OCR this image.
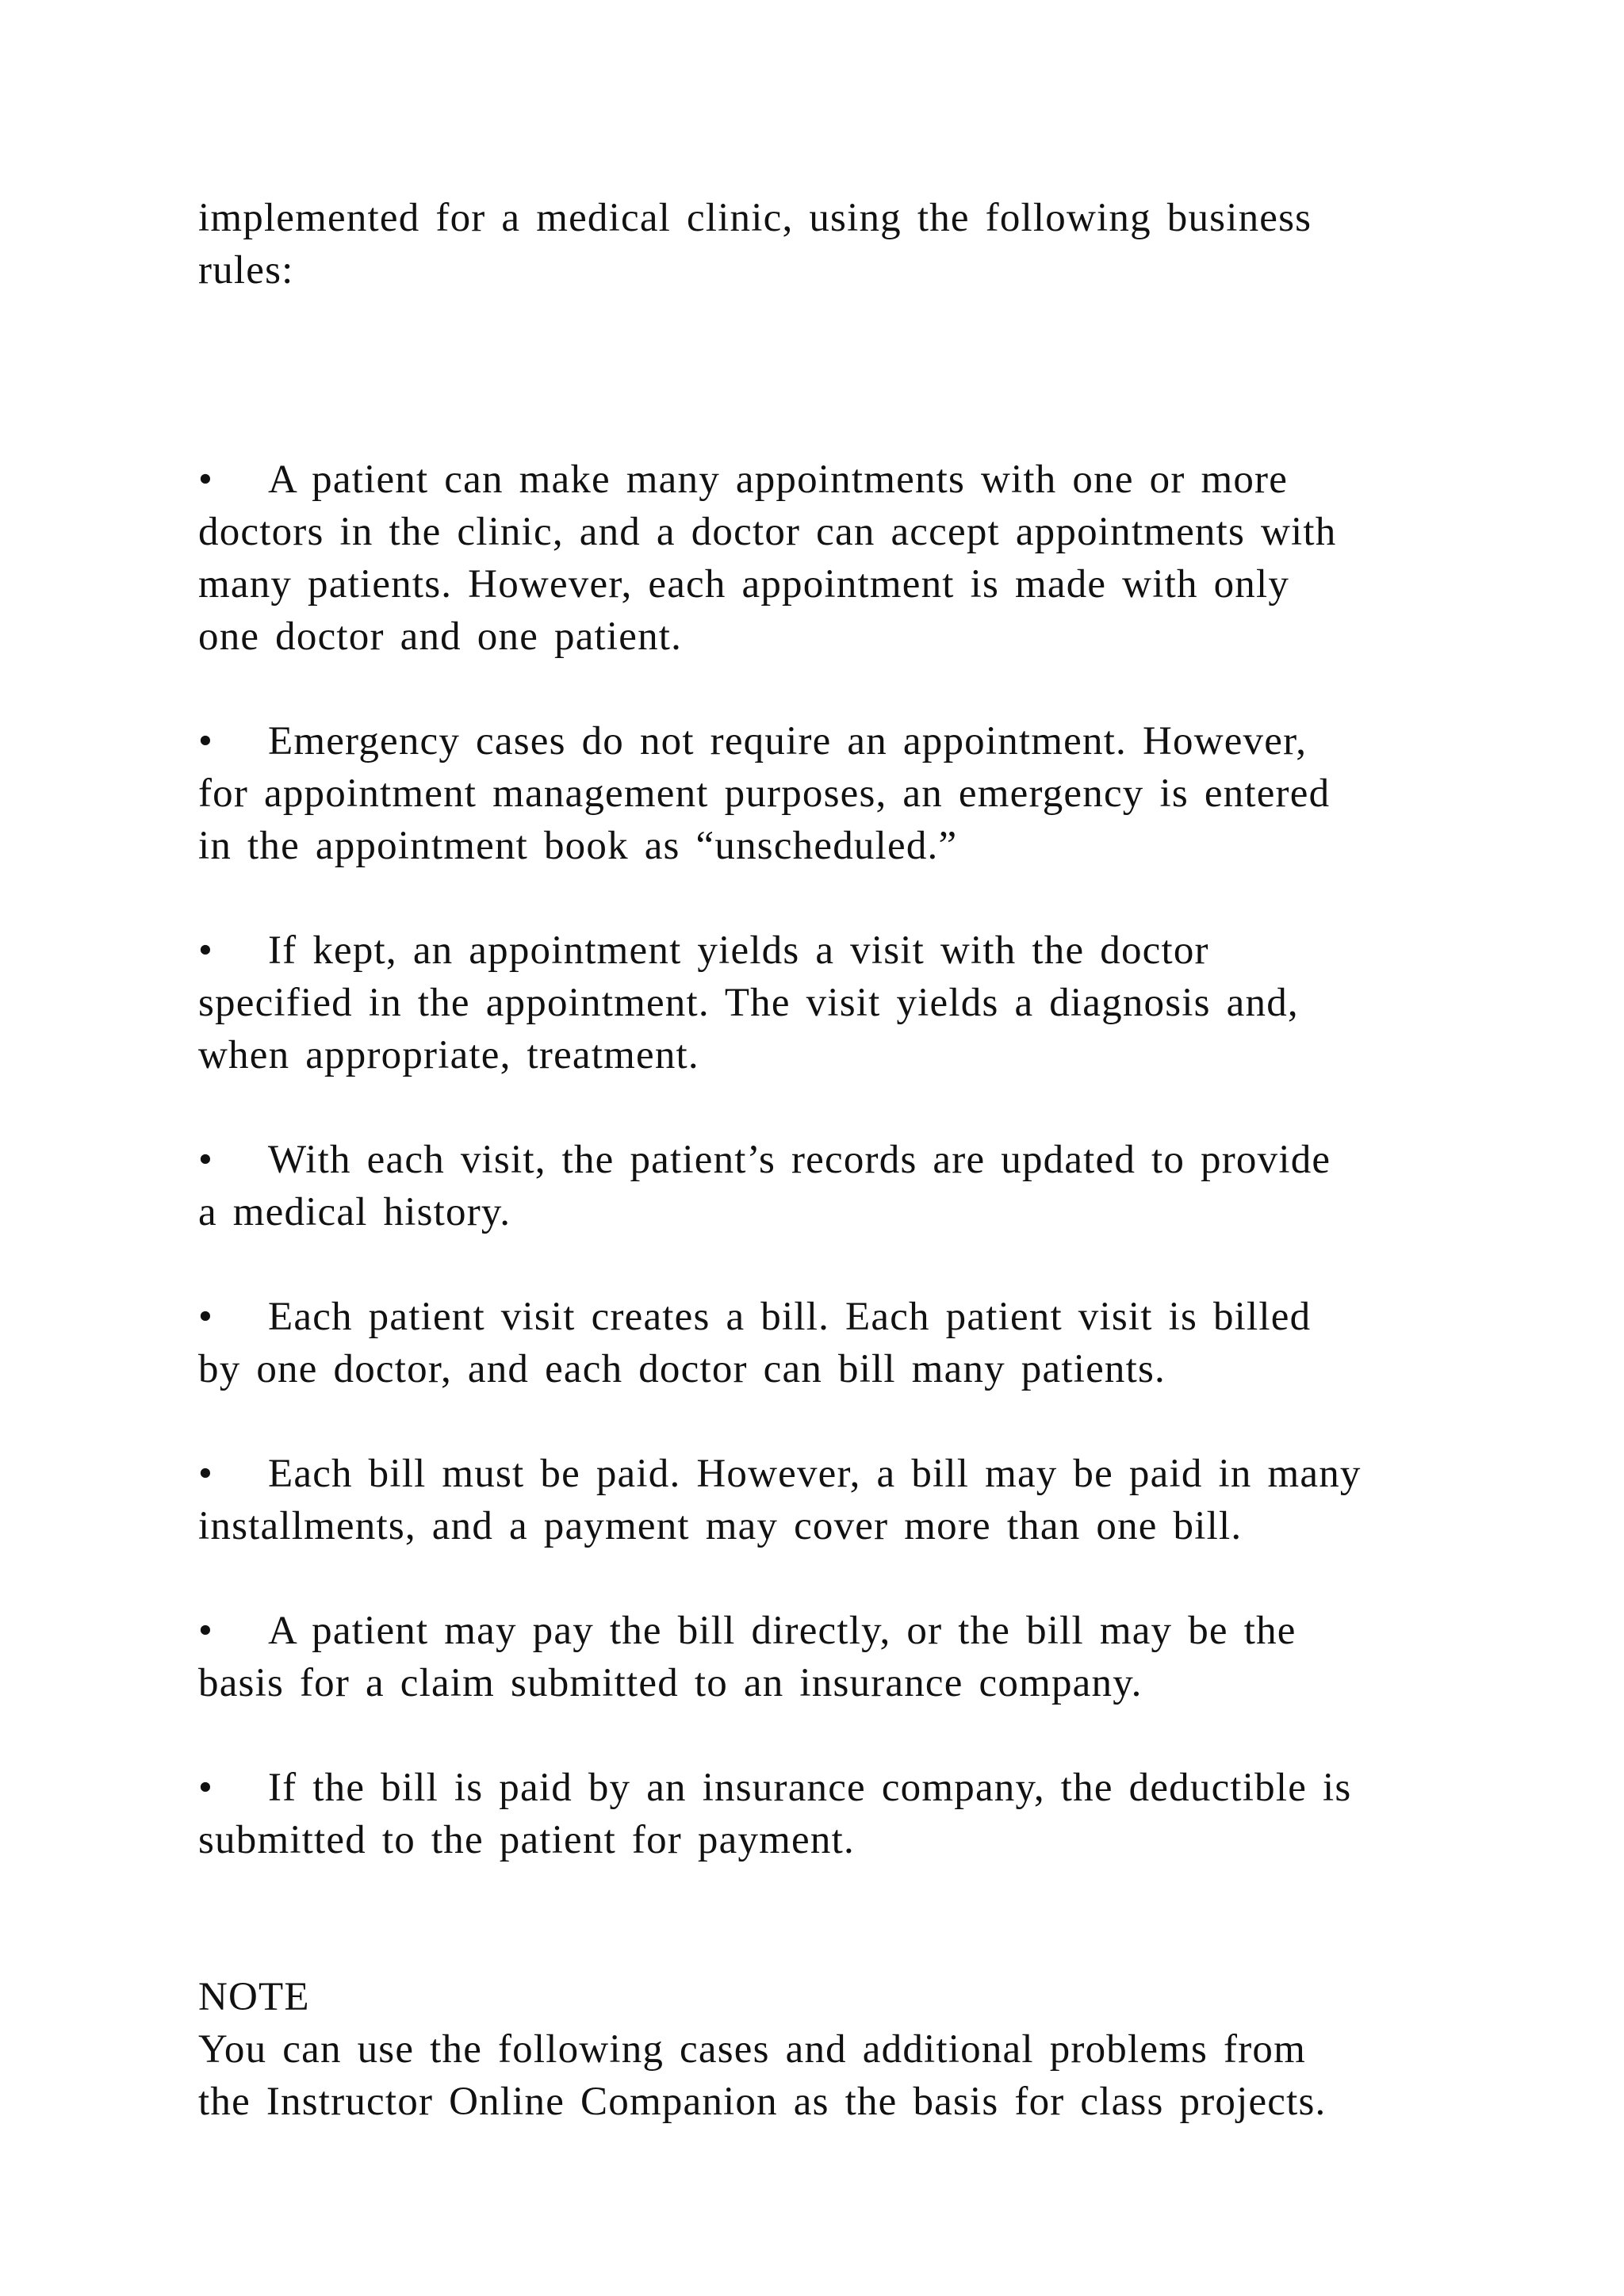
implemented for a medical clinic, using the following business
rules:
• A patient can make many appointments with one or more
doctors in the clinic, and a doctor can accept appointments with
many patients. However, each appointment is made with only
one doctor and one patient.
• Emergency cases do not require an appointment. However,
for appointment management purposes, an emergency is entered
in the appointment book as “unscheduled.”
• If kept, an appointment yields a visit with the doctor
specified in the appointment. The visit yields a diagnosis and,
when appropriate, treatment.
• With each visit, the patient’s records are updated to provide
a medical history.
• Each patient visit creates a bill. Each patient visit is billed
by one doctor, and each doctor can bill many patients.
• Each bill must be paid. However, a bill may be paid in many
installments, and a payment may cover more than one bill.
• A patient may pay the bill directly, or the bill may be the
basis for a claim submitted to an insurance company.
• If the bill is paid by an insurance company, the deductible is
submitted to the patient for payment.
NOTE
You can use the following cases and additional problems from
the Instructor Online Companion as the basis for class projects.
